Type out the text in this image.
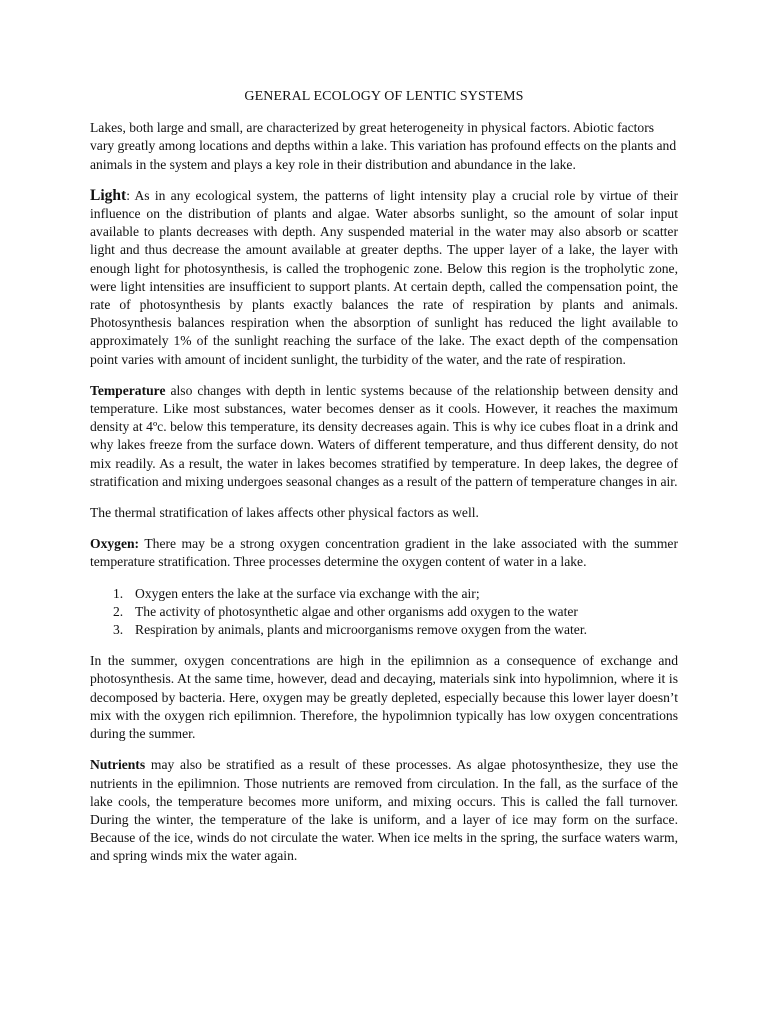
GENERAL ECOLOGY OF LENTIC SYSTEMS

Lakes, both large and small, are characterized by great heterogeneity in physical factors. Abiotic factors vary greatly among locations and depths within a lake. This variation has profound effects on the plants and animals in the system and plays a key role in their distribution and abundance in the lake.

Light: As in any ecological system, the patterns of light intensity play a crucial role by virtue of their influence on the distribution of plants and algae. Water absorbs sunlight, so the amount of solar input available to plants decreases with depth. Any suspended material in the water may also absorb or scatter light and thus decrease the amount available at greater depths. The upper layer of a lake, the layer with enough light for photosynthesis, is called the trophogenic zone. Below this region is the tropholytic zone, were light intensities are insufficient to support plants. At certain depth, called the compensation point, the rate of photosynthesis by plants exactly balances the rate of respiration by plants and animals. Photosynthesis balances respiration when the absorption of sunlight has reduced the light available to approximately 1% of the sunlight reaching the surface of the lake. The exact depth of the compensation point varies with amount of incident sunlight, the turbidity of the water, and the rate of respiration.

Temperature also changes with depth in lentic systems because of the relationship between density and temperature. Like most substances, water becomes denser as it cools. However, it reaches the maximum density at 4ºc. below this temperature, its density decreases again. This is why ice cubes float in a drink and why lakes freeze from the surface down. Waters of different temperature, and thus different density, do not mix readily. As a result, the water in lakes becomes stratified by temperature. In deep lakes, the degree of stratification and mixing undergoes seasonal changes as a result of the pattern of temperature changes in air.

The thermal stratification of lakes affects other physical factors as well.

Oxygen: There may be a strong oxygen concentration gradient in the lake associated with the summer temperature stratification. Three processes determine the oxygen content of water in a lake.

1. Oxygen enters the lake at the surface via exchange with the air;
2. The activity of photosynthetic algae and other organisms add oxygen to the water
3. Respiration by animals, plants and microorganisms remove oxygen from the water.

In the summer, oxygen concentrations are high in the epilimnion as a consequence of exchange and photosynthesis. At the same time, however, dead and decaying, materials sink into hypolimnion, where it is decomposed by bacteria. Here, oxygen may be greatly depleted, especially because this lower layer doesn’t mix with the oxygen rich epilimnion. Therefore, the hypolimnion typically has low oxygen concentrations during the summer.

Nutrients may also be stratified as a result of these processes. As algae photosynthesize, they use the nutrients in the epilimnion. Those nutrients are removed from circulation. In the fall, as the surface of the lake cools, the temperature becomes more uniform, and mixing occurs. This is called the fall turnover. During the winter, the temperature of the lake is uniform, and a layer of ice may form on the surface. Because of the ice, winds do not circulate the water. When ice melts in the spring, the surface waters warm, and spring winds mix the water again.
